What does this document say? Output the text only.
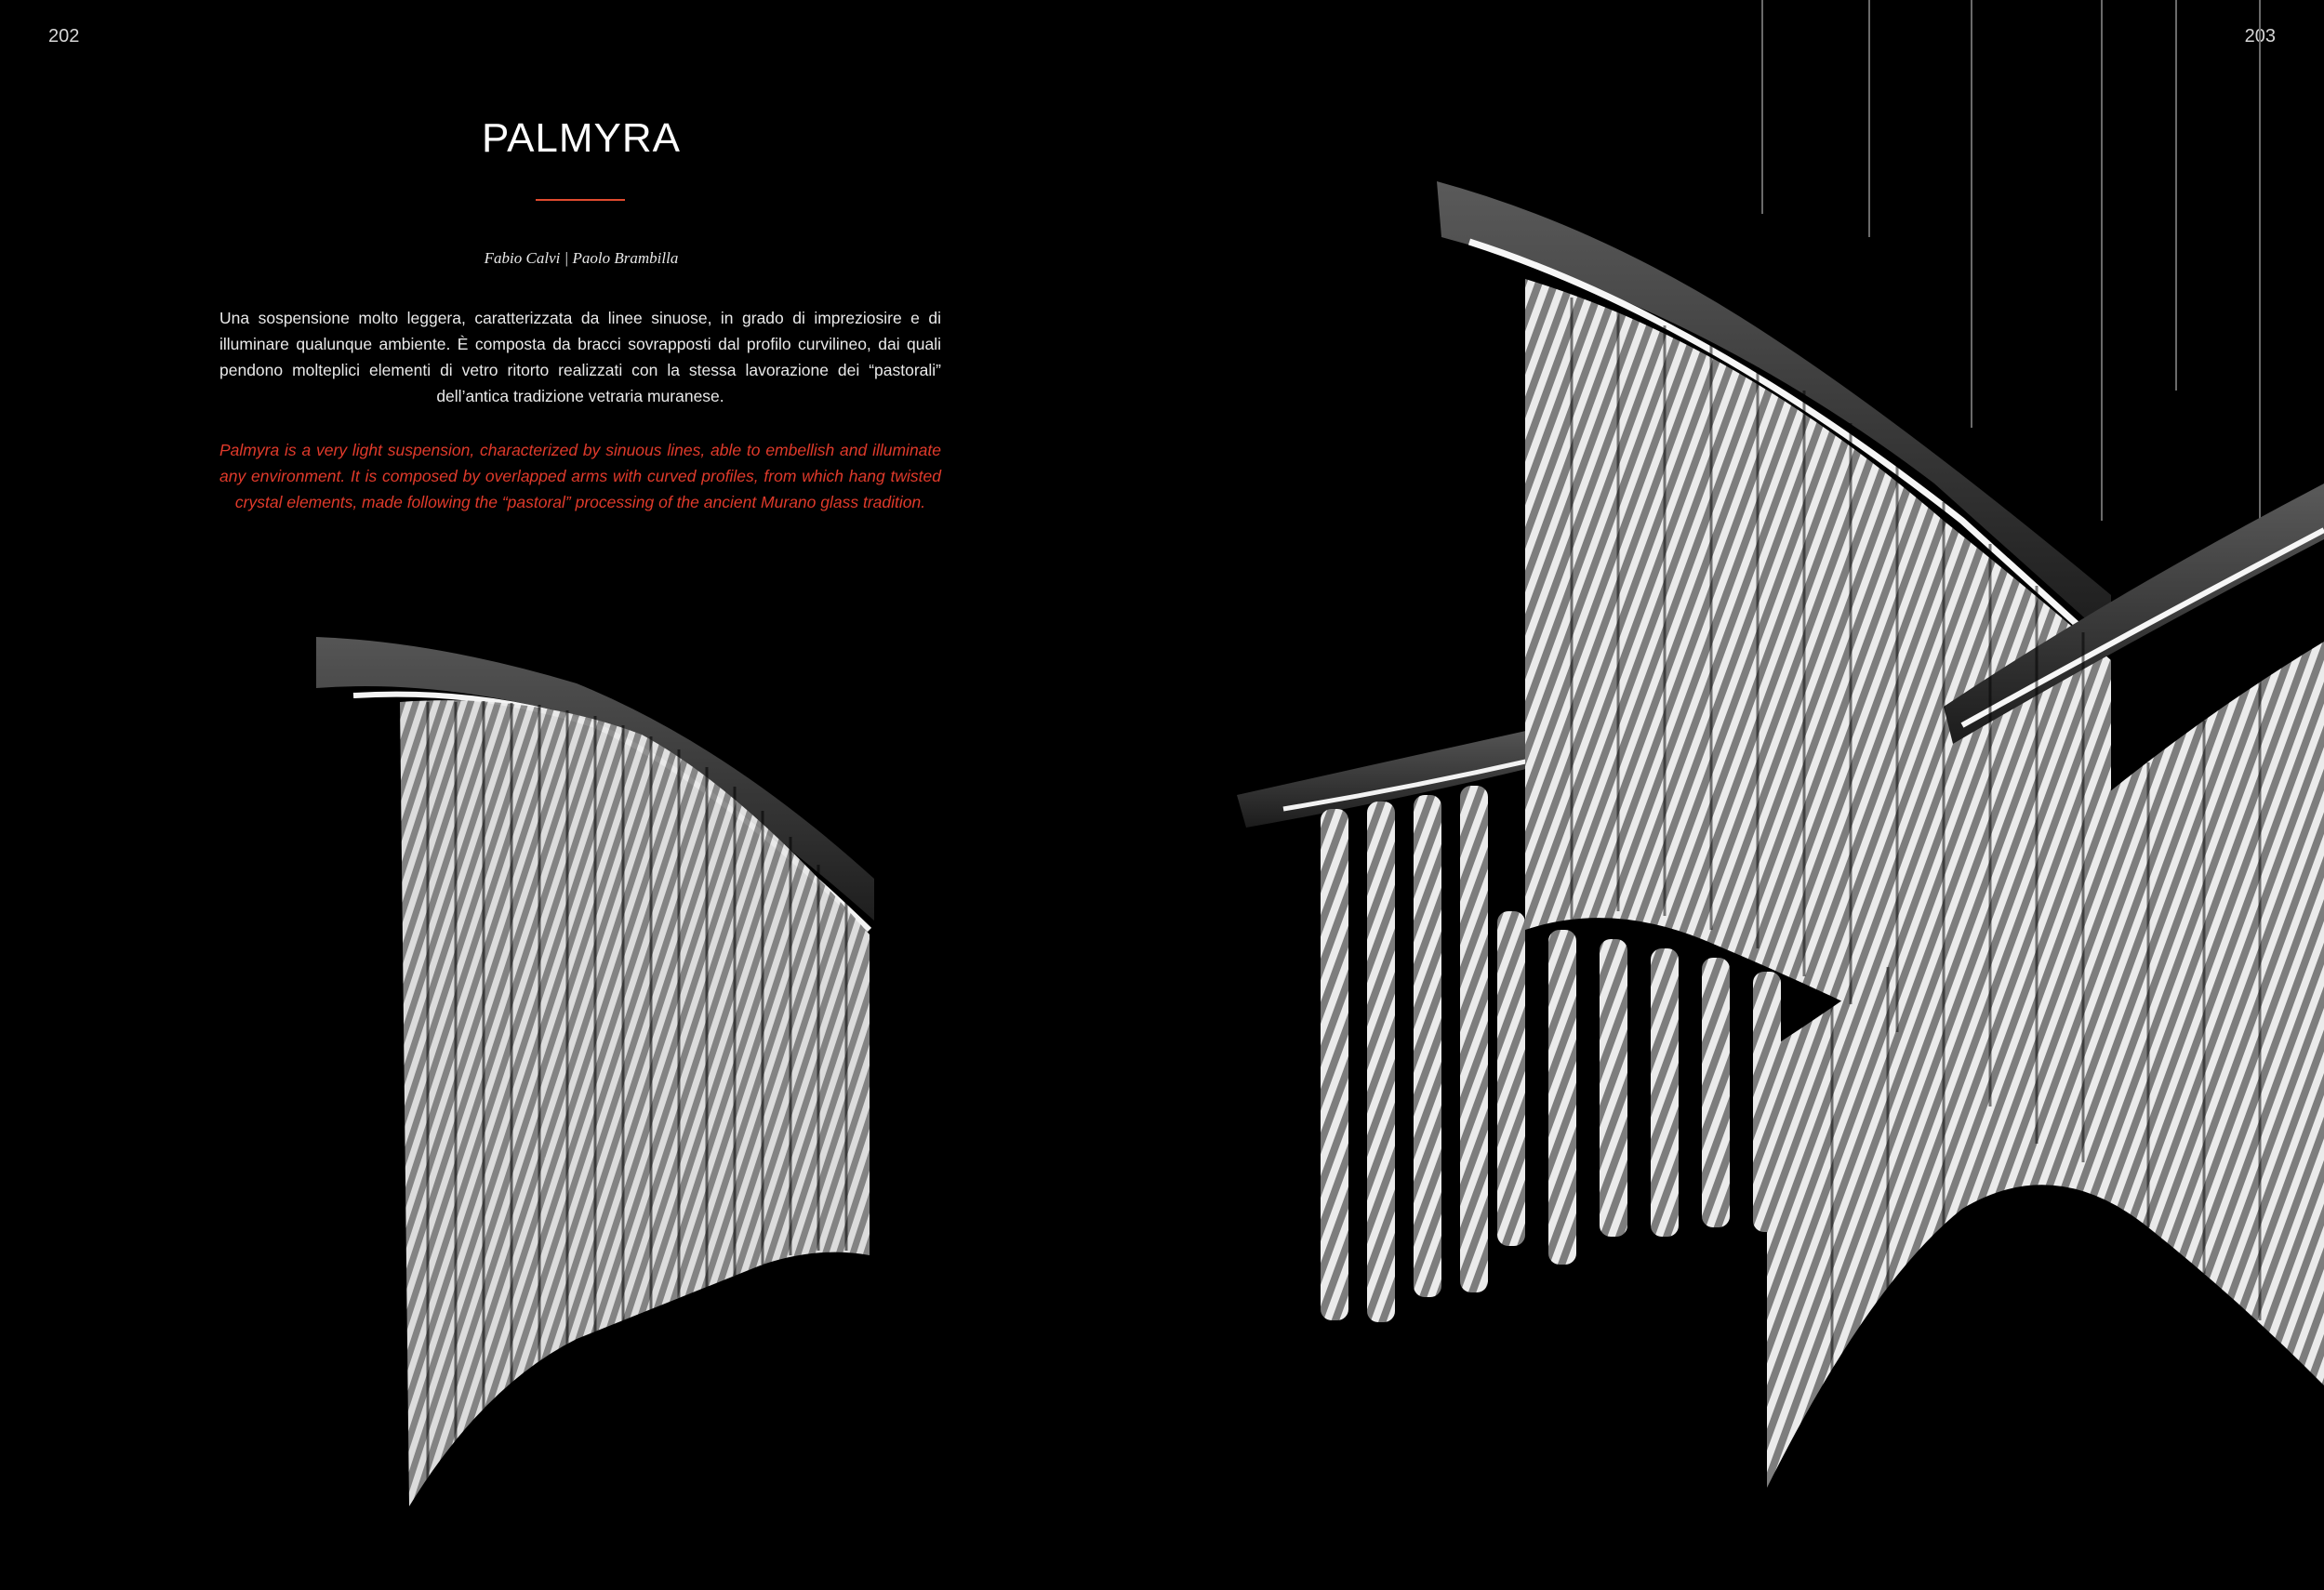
202	203
PALMYRA
Fabio Calvi | Paolo Brambilla

Una sospensione molto leggera, caratterizzata da linee sinuose, in grado di impreziosire e di illuminare qualunque ambiente. È composta da bracci sovrapposti dal profilo curvilineo, dai quali pendono molteplici elementi di vetro ritorto realizzati con la stessa lavorazione dei “pastorali” dell’antica tradizione vetraria muranese.

Palmyra is a very light suspension, characterized by sinuous lines, able to embellish and illuminate any environment. It is composed by overlapped arms with curved profiles, from which hang twisted crystal elements, made following the “pastoral” processing of the ancient Murano glass tradition.
